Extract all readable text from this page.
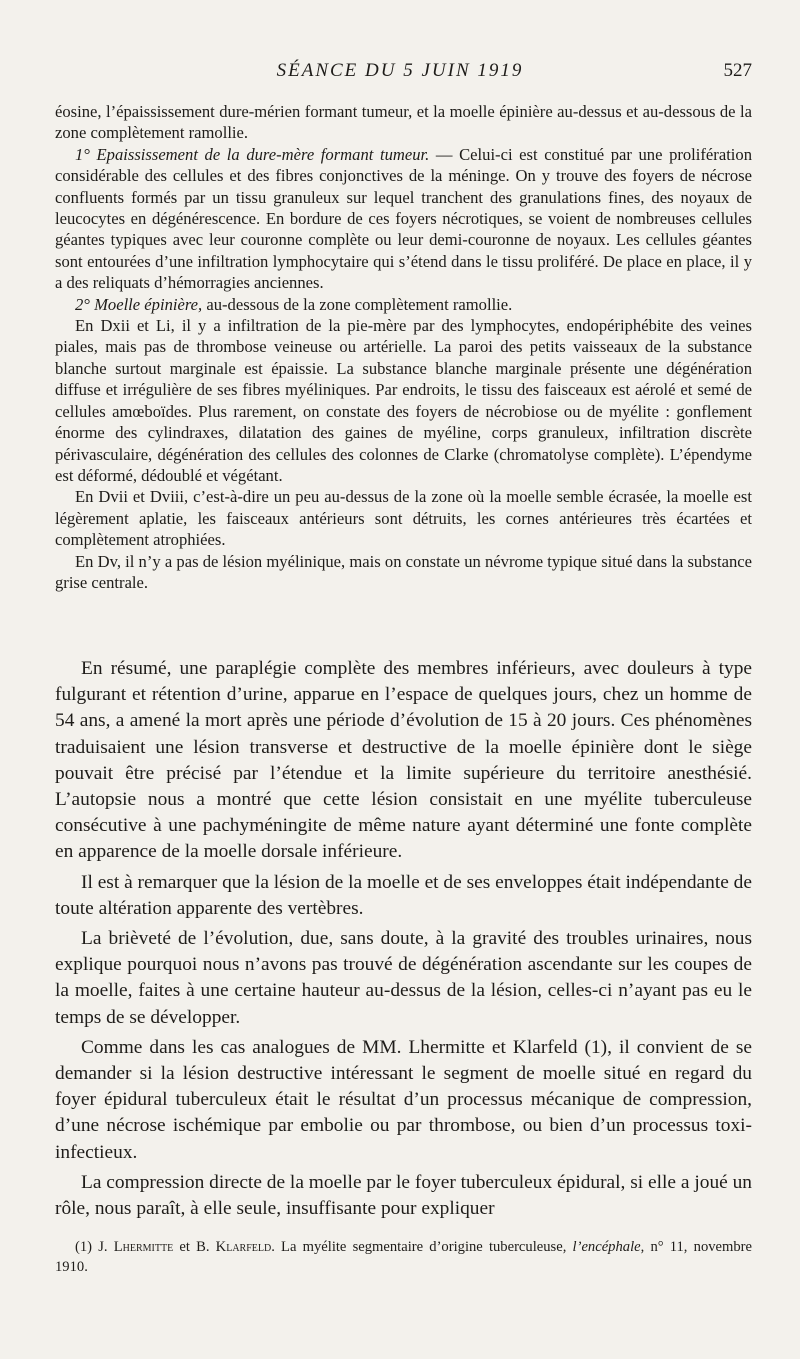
SÉANCE DU 5 JUIN 1919	527

éosine, l’épaississement dure-mérien formant tumeur, et la moelle épinière au-dessus et au-dessous de la zone complètement ramollie.

1° Epaississement de la dure-mère formant tumeur. — Celui-ci est constitué par une prolifération considérable des cellules et des fibres conjonctives de la méninge. On y trouve des foyers de nécrose confluents formés par un tissu granuleux sur lequel tranchent des granulations fines, des noyaux de leucocytes en dégénérescence. En bordure de ces foyers nécrotiques, se voient de nombreuses cellules géantes typiques avec leur couronne complète ou leur demi-couronne de noyaux. Les cellules géantes sont entourées d’une infiltration lymphocytaire qui s’étend dans le tissu proliféré. De place en place, il y a des reliquats d’hémorragies anciennes.

2° Moelle épinière, au-dessous de la zone complètement ramollie.

En Dxii et Li, il y a infiltration de la pie-mère par des lymphocytes, endopériphébite des veines piales, mais pas de thrombose veineuse ou artérielle. La paroi des petits vaisseaux de la substance blanche surtout marginale est épaissie. La substance blanche marginale présente une dégénération diffuse et irrégulière de ses fibres myéliniques. Par endroits, le tissu des faisceaux est aérolé et semé de cellules amœboïdes. Plus rarement, on constate des foyers de nécrobiose ou de myélite : gonflement énorme des cylindraxes, dilatation des gaines de myéline, corps granuleux, infiltration discrète périvasculaire, dégénération des cellules des colonnes de Clarke (chromatolyse complète). L’épendyme est déformé, dédoublé et végétant.

En Dvii et Dviii, c’est-à-dire un peu au-dessus de la zone où la moelle semble écrasée, la moelle est légèrement aplatie, les faisceaux antérieurs sont détruits, les cornes antérieures très écartées et complètement atrophiées.

En Dv, il n’y a pas de lésion myélinique, mais on constate un névrome typique situé dans la substance grise centrale.

En résumé, une paraplégie complète des membres inférieurs, avec douleurs à type fulgurant et rétention d’urine, apparue en l’espace de quelques jours, chez un homme de 54 ans, a amené la mort après une période d’évolution de 15 à 20 jours. Ces phénomènes traduisaient une lésion transverse et destructive de la moelle épinière dont le siège pouvait être précisé par l’étendue et la limite supérieure du territoire anesthésié. L’autopsie nous a montré que cette lésion consistait en une myélite tuberculeuse consécutive à une pachyméningite de même nature ayant déterminé une fonte complète en apparence de la moelle dorsale inférieure.

Il est à remarquer que la lésion de la moelle et de ses enveloppes était indépendante de toute altération apparente des vertèbres.

La brièveté de l’évolution, due, sans doute, à la gravité des troubles urinaires, nous explique pourquoi nous n’avons pas trouvé de dégénération ascendante sur les coupes de la moelle, faites à une certaine hauteur au-dessus de la lésion, celles-ci n’ayant pas eu le temps de se développer.

Comme dans les cas analogues de MM. Lhermitte et Klarfeld (1), il convient de se demander si la lésion destructive intéressant le segment de moelle situé en regard du foyer épidural tuberculeux était le résultat d’un processus mécanique de compression, d’une nécrose ischémique par embolie ou par thrombose, ou bien d’un processus toxi-infectieux.

La compression directe de la moelle par le foyer tuberculeux épidural, si elle a joué un rôle, nous paraît, à elle seule, insuffisante pour expliquer

(1) J. Lhermitte et B. Klarfeld. La myélite segmentaire d’origine tuberculeuse, l’encéphale, n° 11, novembre 1910.
